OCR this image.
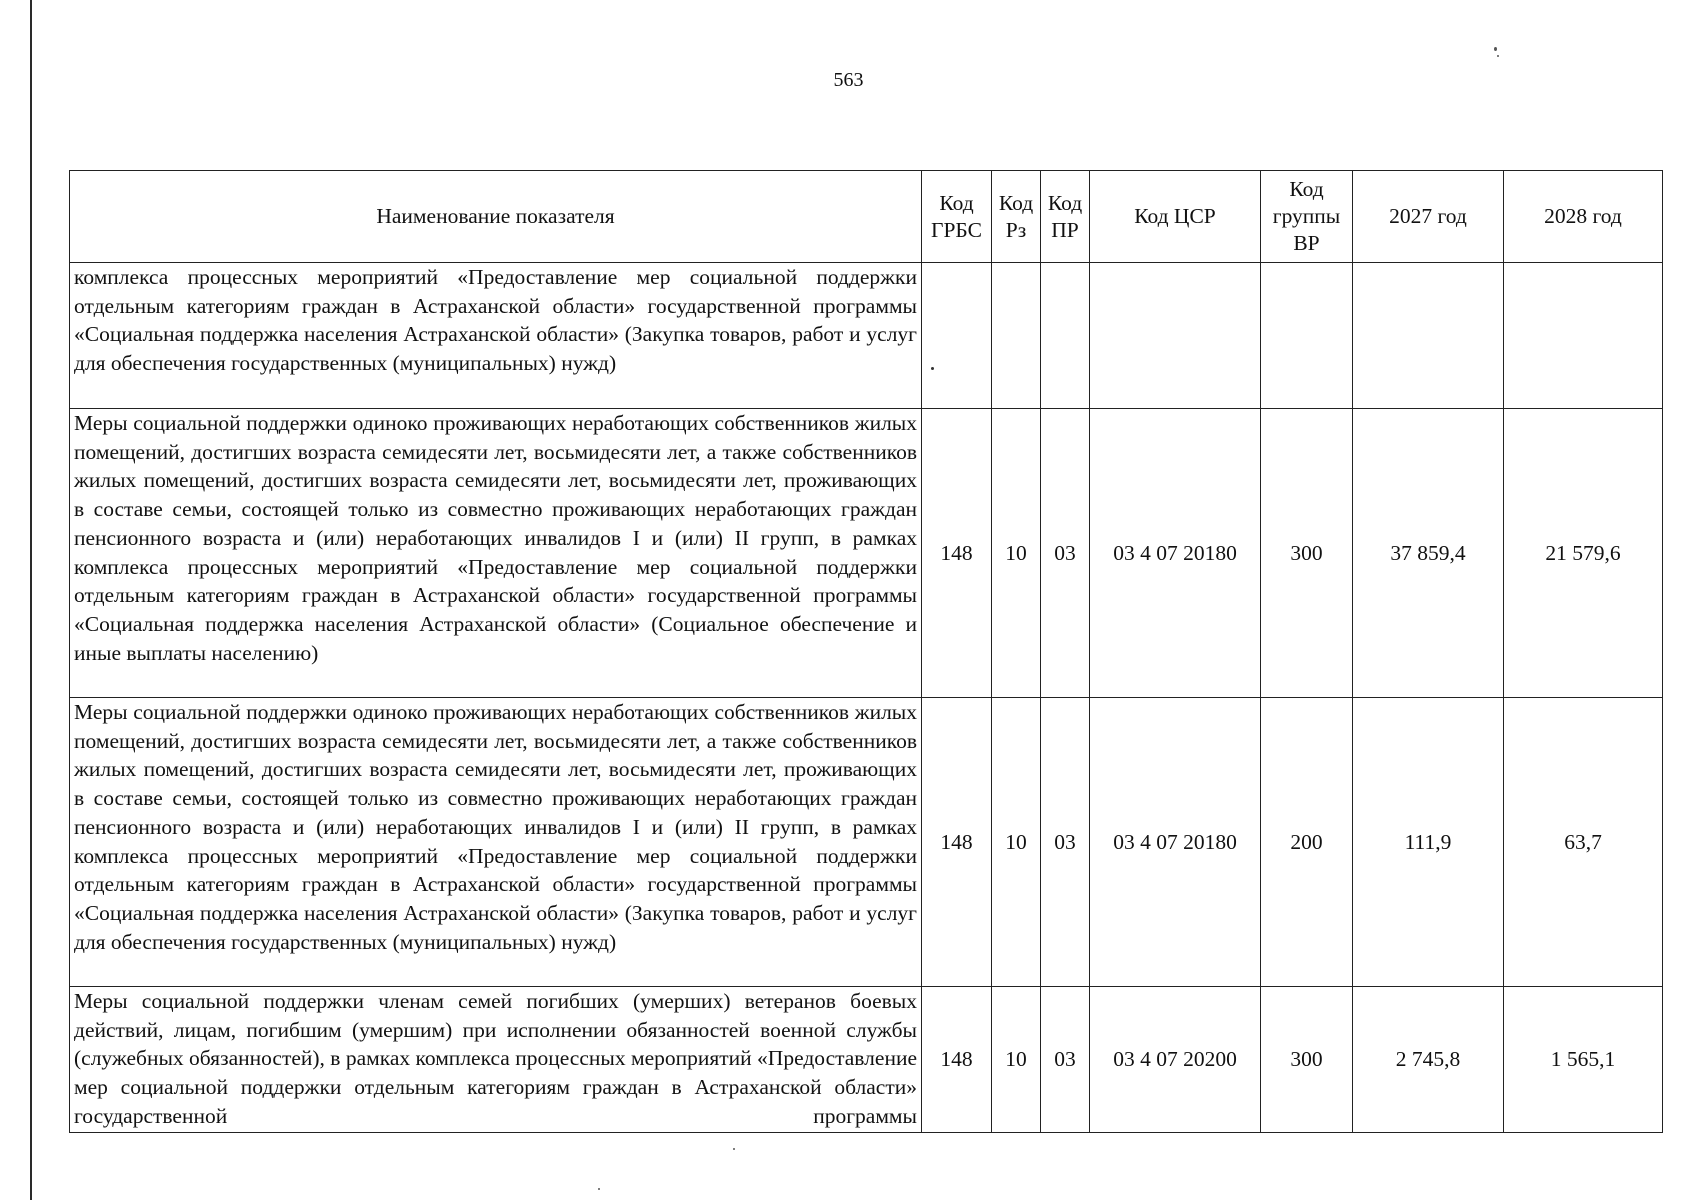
563
Наименование показателя	Код ГРБС	Код Рз	Код ПР	Код ЦСР	Код группы ВР	2027 год	2028 год
комплекса процессных мероприятий «Предоставление мер социальной поддержки отдельным категориям граждан в Астраханской области» государственной программы «Социальная поддержка населения Астраханской области» (Закупка товаров, работ и услуг для обеспечения государственных (муниципальных) нужд)							
Меры социальной поддержки одиноко проживающих неработающих собственников жилых помещений, достигших возраста семидесяти лет, восьмидесяти лет, а также собственников жилых помещений, достигших возраста семидесяти лет, восьмидесяти лет, проживающих в составе семьи, состоящей только из совместно проживающих неработающих граждан пенсионного возраста и (или) неработающих инвалидов I и (или) II групп, в рамках комплекса процессных мероприятий «Предоставление мер социальной поддержки отдельным категориям граждан в Астраханской области» государственной программы «Социальная поддержка населения Астраханской области» (Социальное обеспечение и иные выплаты населению)	148	10	03	03 4 07 20180	300	37 859,4	21 579,6
Меры социальной поддержки одиноко проживающих неработающих собственников жилых помещений, достигших возраста семидесяти лет, восьмидесяти лет, а также собственников жилых помещений, достигших возраста семидесяти лет, восьмидесяти лет, проживающих в составе семьи, состоящей только из совместно проживающих неработающих граждан пенсионного возраста и (или) неработающих инвалидов I и (или) II групп, в рамках комплекса процессных мероприятий «Предоставление мер социальной поддержки отдельным категориям граждан в Астраханской области» государственной программы «Социальная поддержка населения Астраханской области» (Закупка товаров, работ и услуг для обеспечения государственных (муниципальных) нужд)	148	10	03	03 4 07 20180	200	111,9	63,7
Меры социальной поддержки членам семей погибших (умерших) ветеранов боевых действий, лицам, погибшим (умершим) при исполнении обязанностей военной службы (служебных обязанностей), в рамках комплекса процессных мероприятий «Предоставление мер социальной поддержки отдельным категориям граждан в Астраханской области» государственной программы	148	10	03	03 4 07 20200	300	2 745,8	1 565,1
